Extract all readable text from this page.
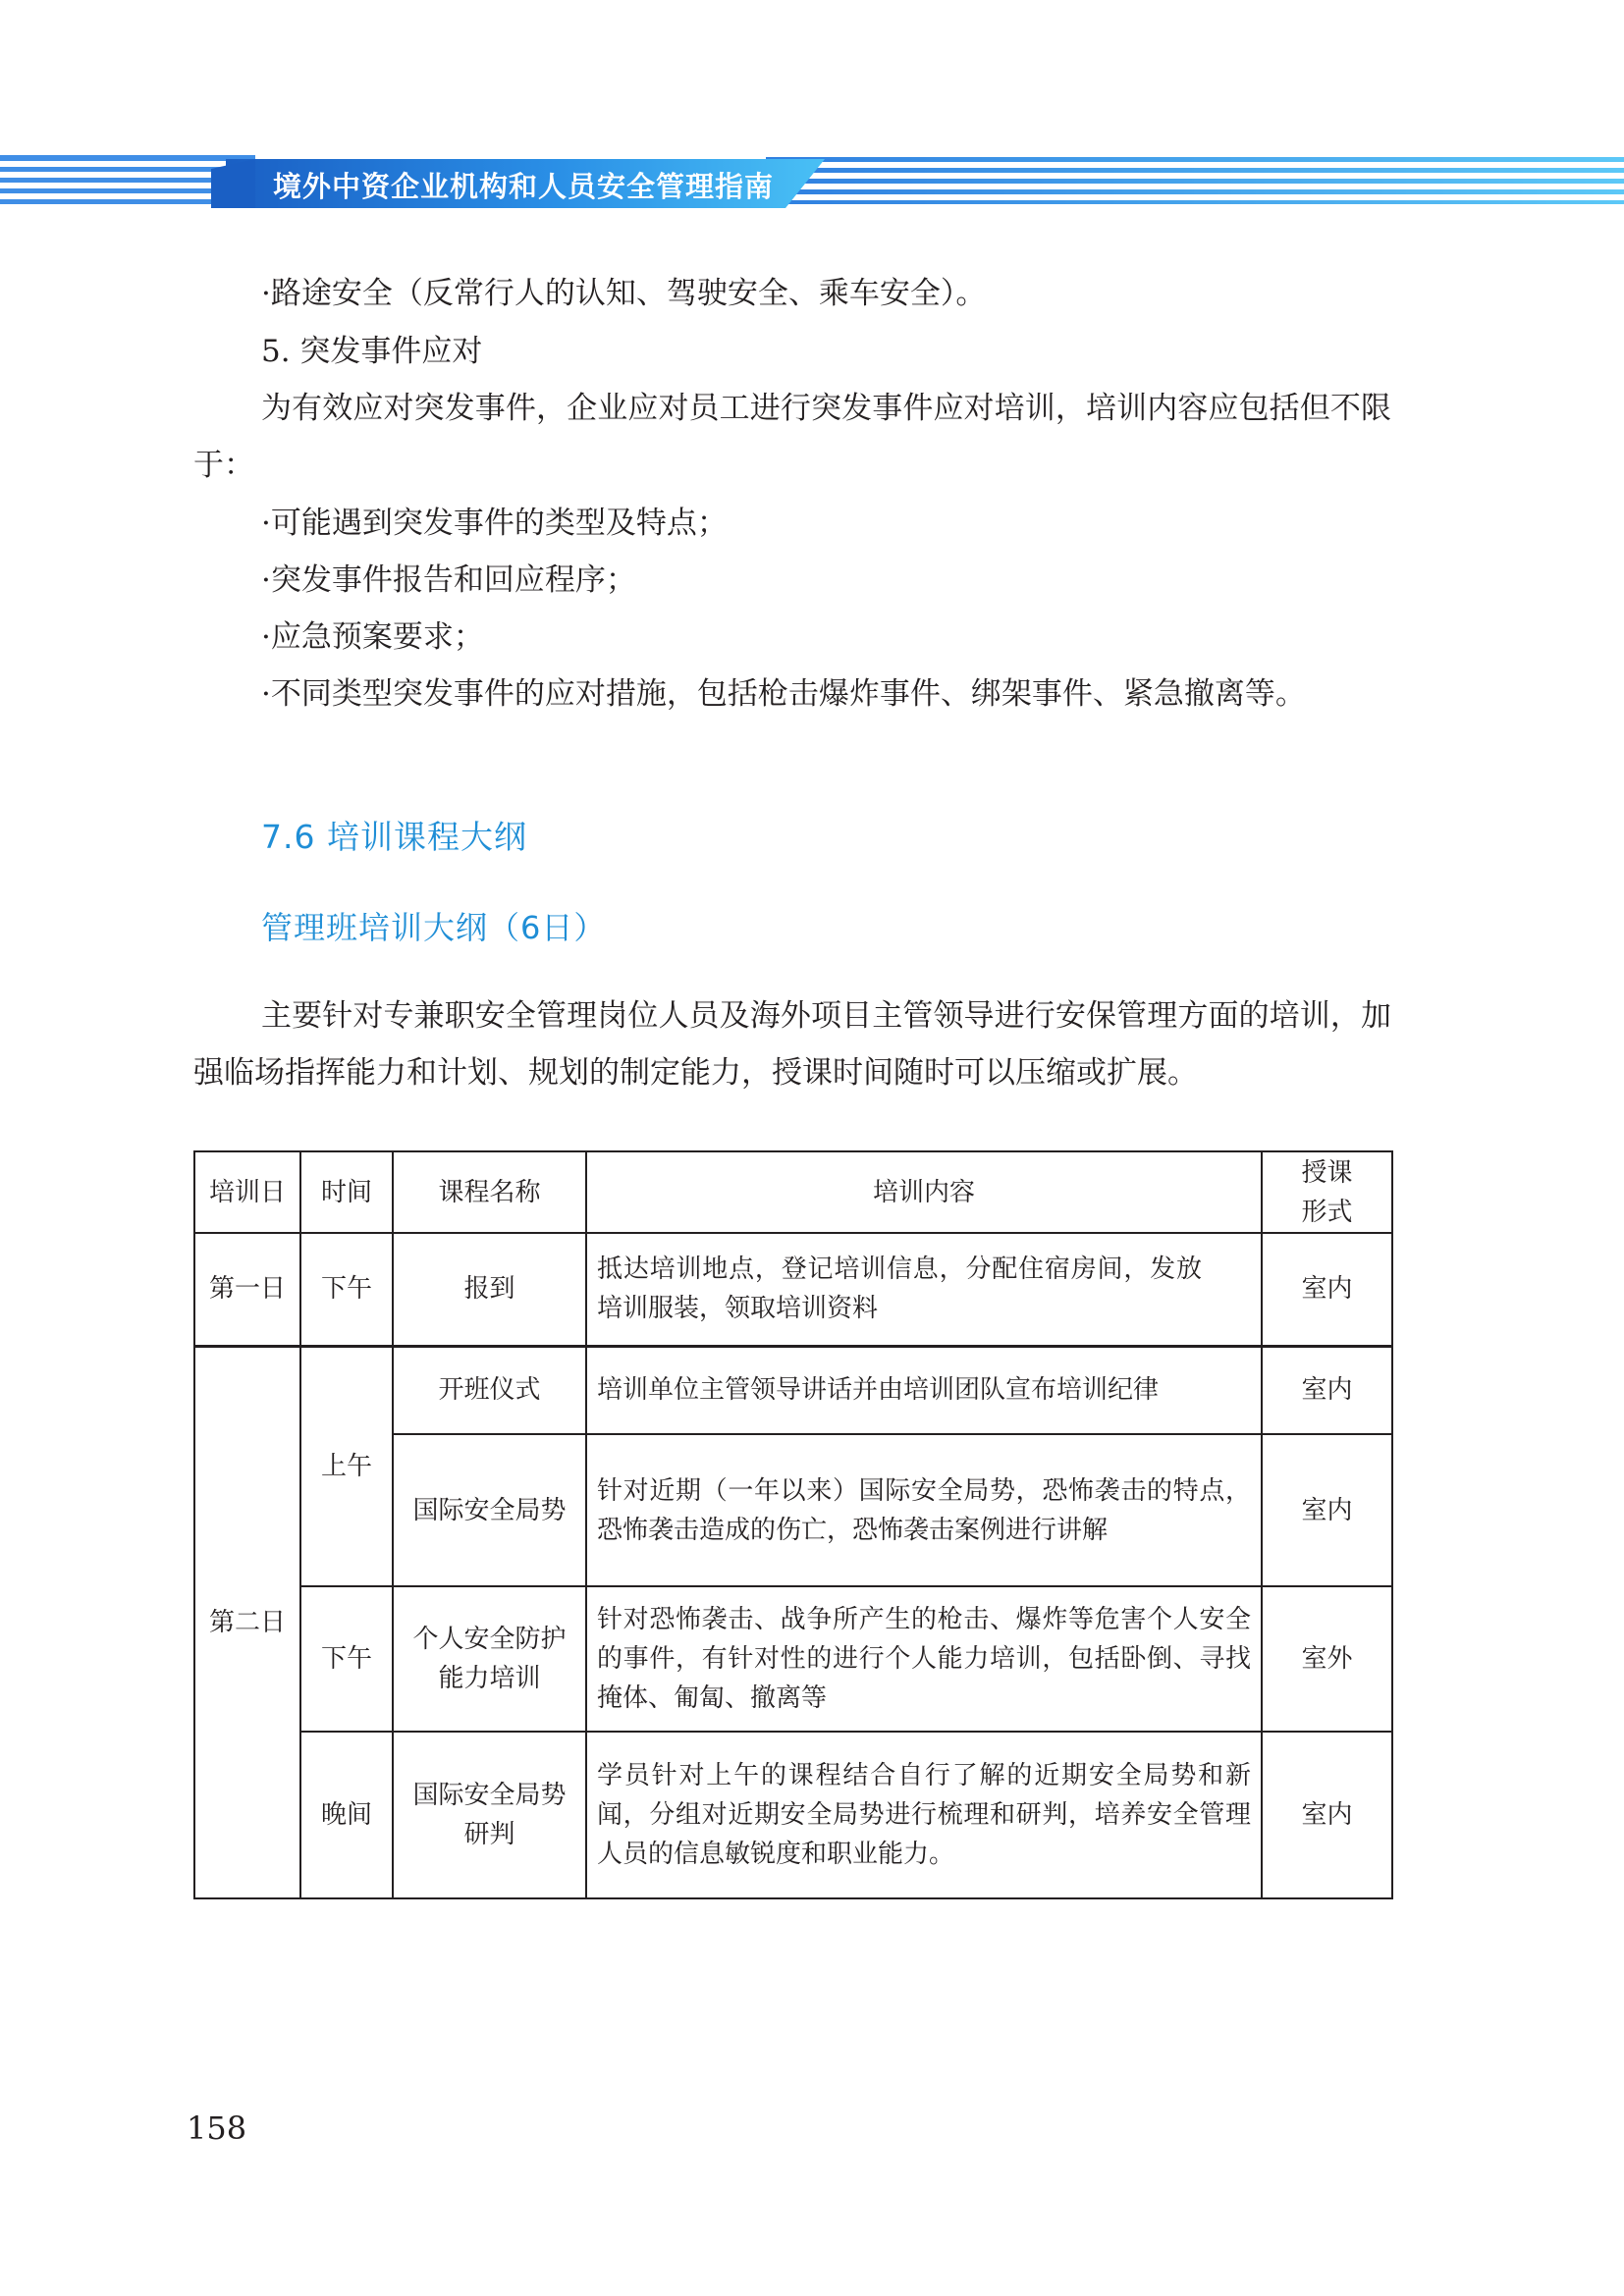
境外中资企业机构和人员安全管理指南
·路途安全（反常行人的认知、驾驶安全、乘车安全）。
5. 突发事件应对
为有效应对突发事件，企业应对员工进行突发事件应对培训，培训内容应包括但不限于：
·可能遇到突发事件的类型及特点；
·突发事件报告和回应程序；
·应急预案要求；
·不同类型突发事件的应对措施，包括枪击爆炸事件、绑架事件、紧急撤离等。
7.6 培训课程大纲
管理班培训大纲（6日）
主要针对专兼职安全管理岗位人员及海外项目主管领导进行安保管理方面的培训，加强临场指挥能力和计划、规划的制定能力，授课时间随时可以压缩或扩展。
培训日	时间	课程名称	培训内容	授课形式
第一日	下午	报到	抵达培训地点，登记培训信息，分配住宿房间，发放培训服装，领取培训资料	室内
第二日	上午	开班仪式	培训单位主管领导讲话并由培训团队宣布培训纪律	室内
		国际安全局势	针对近期（一年以来）国际安全局势，恐怖袭击的特点，恐怖袭击造成的伤亡，恐怖袭击案例进行讲解	室内
	下午	个人安全防护能力培训	针对恐怖袭击、战争所产生的枪击、爆炸等危害个人安全的事件，有针对性的进行个人能力培训，包括卧倒、寻找掩体、匍匐、撤离等	室外
	晚间	国际安全局势研判	学员针对上午的课程结合自行了解的近期安全局势和新闻，分组对近期安全局势进行梳理和研判，培养安全管理人员的信息敏锐度和职业能力。	室内
158
